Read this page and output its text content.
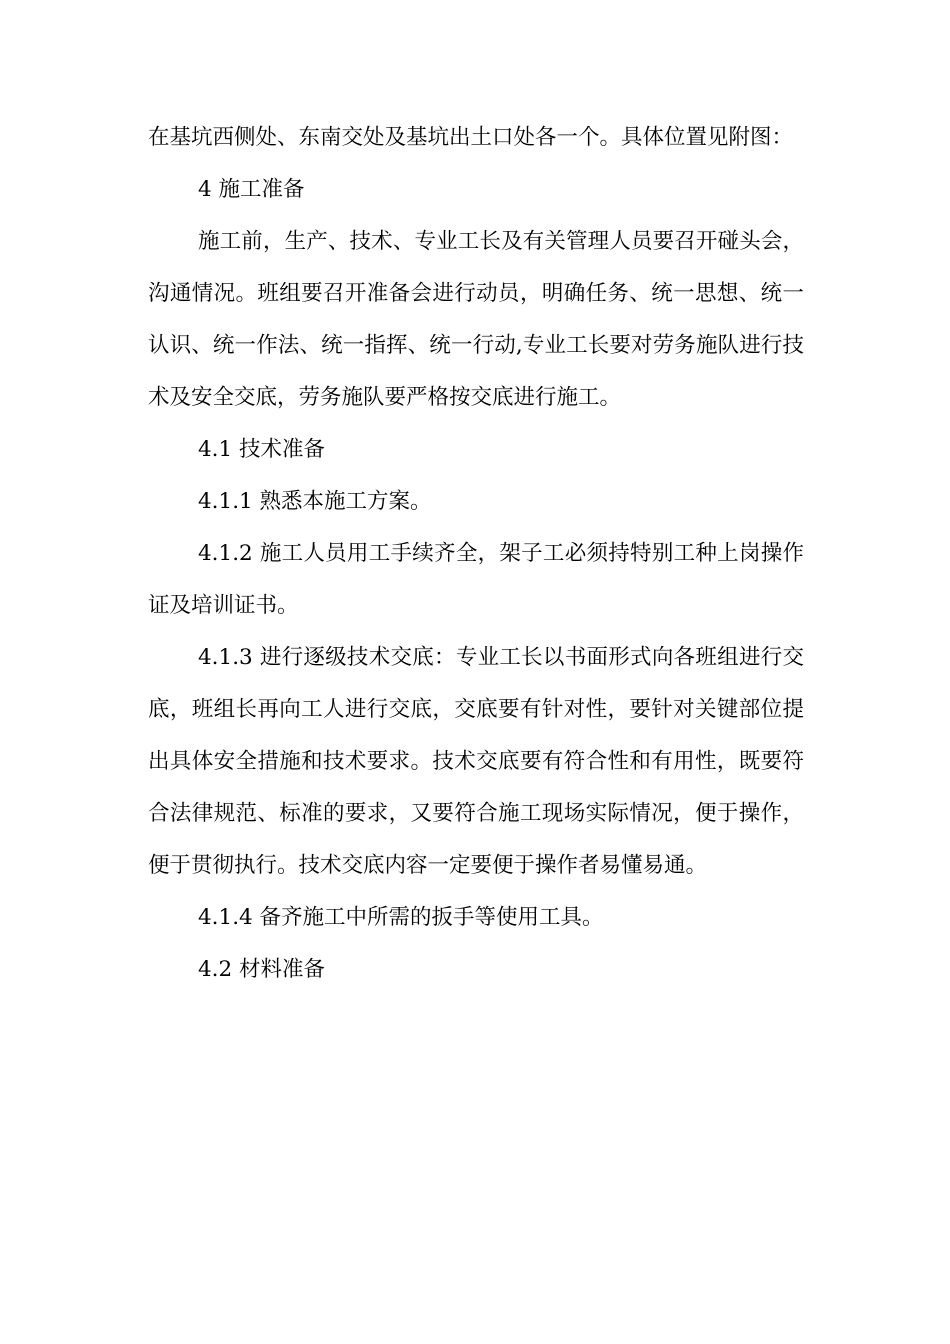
在基坑西侧处、东南交处及基坑出土口处各一个。具体位置见附图：

4 施工准备

施工前，生产、技术、专业工长及有关管理人员要召开碰头会，沟通情况。班组要召开准备会进行动员，明确任务、统一思想、统一认识、统一作法、统一指挥、统一行动,专业工长要对劳务施队进行技术及安全交底，劳务施队要严格按交底进行施工。

4.1 技术准备

4.1.1 熟悉本施工方案。

4.1.2 施工人员用工手续齐全，架子工必须持特别工种上岗操作证及培训证书。

4.1.3 进行逐级技术交底：专业工长以书面形式向各班组进行交底，班组长再向工人进行交底，交底要有针对性，要针对关键部位提出具体安全措施和技术要求。技术交底要有符合性和有用性，既要符合法律规范、标准的要求，又要符合施工现场实际情况，便于操作，便于贯彻执行。技术交底内容一定要便于操作者易懂易通。

4.1.4 备齐施工中所需的扳手等使用工具。

4.2 材料准备
